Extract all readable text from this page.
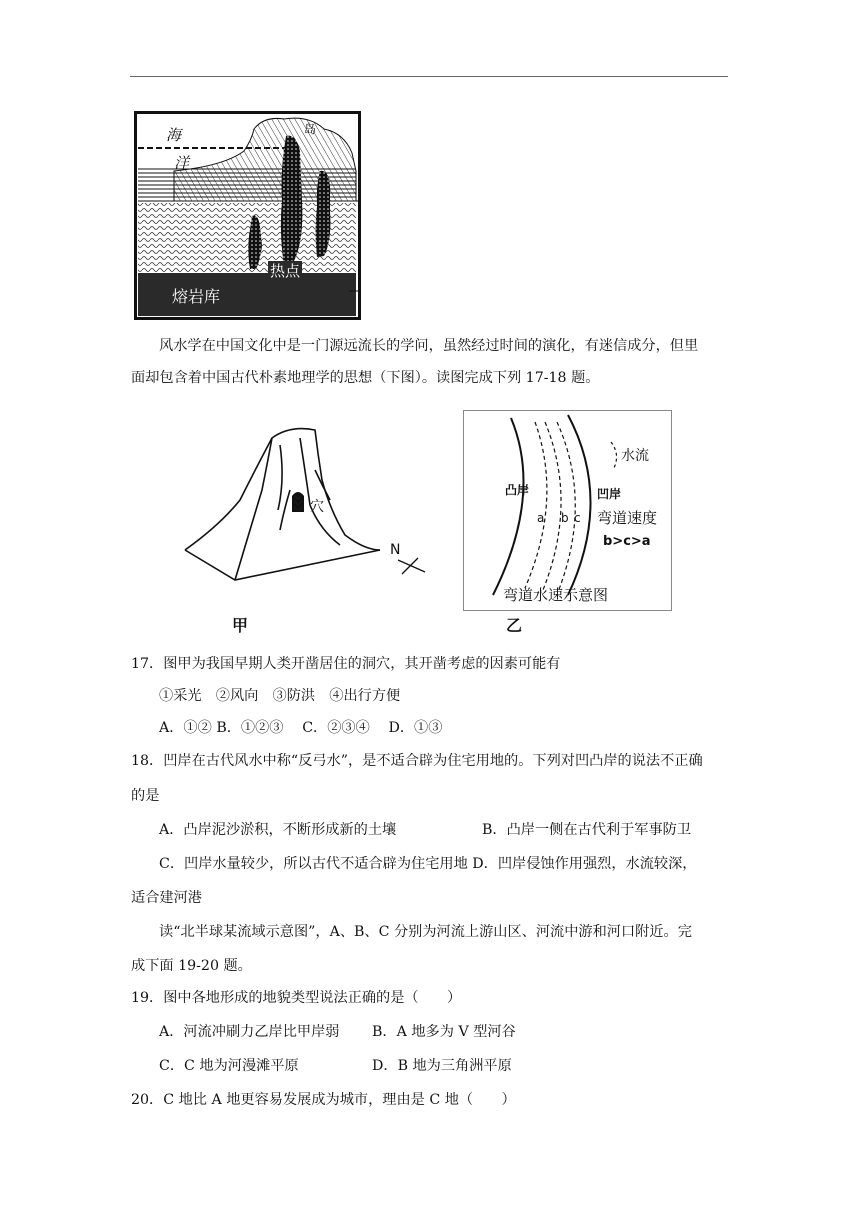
海
洋
岛
热点
熔岩库
风水学在中国文化中是一门源远流长的学问，虽然经过时间的演化，有迷信成分，但里
面却包含着中国古代朴素地理学的思想（下图）。读图完成下列 17-18 题。
穴
N
甲
水流
凸岸	凹岸
a b c 弯道速度
b>c>a
弯道水速示意图
乙
17．图甲为我国早期人类开凿居住的洞穴，其开凿考虑的因素可能有
①采光　②风向　③防洪　④出行方便
A．①② B．①②③　 C．②③④　 D．①③
18．凹岸在古代风水中称“反弓水”，是不适合辟为住宅用地的。下列对凹凸岸的说法不正确
的是
A．凸岸泥沙淤积，不断形成新的土壤	B．凸岸一侧在古代利于军事防卫
C．凹岸水量较少，所以古代不适合辟为住宅用地 D．凹岸侵蚀作用强烈，水流较深，
适合建河港
读“北半球某流域示意图”，A、B、C 分别为河流上游山区、河流中游和河口附近。完
成下面 19-20 题。
19．图中各地形成的地貌类型说法正确的是（　　）
A．河流冲刷力乙岸比甲岸弱 B．A 地多为 V 型河谷
C．C 地为河漫滩平原	D．B 地为三角洲平原
20．C 地比 A 地更容易发展成为城市，理由是 C 地（　　）
